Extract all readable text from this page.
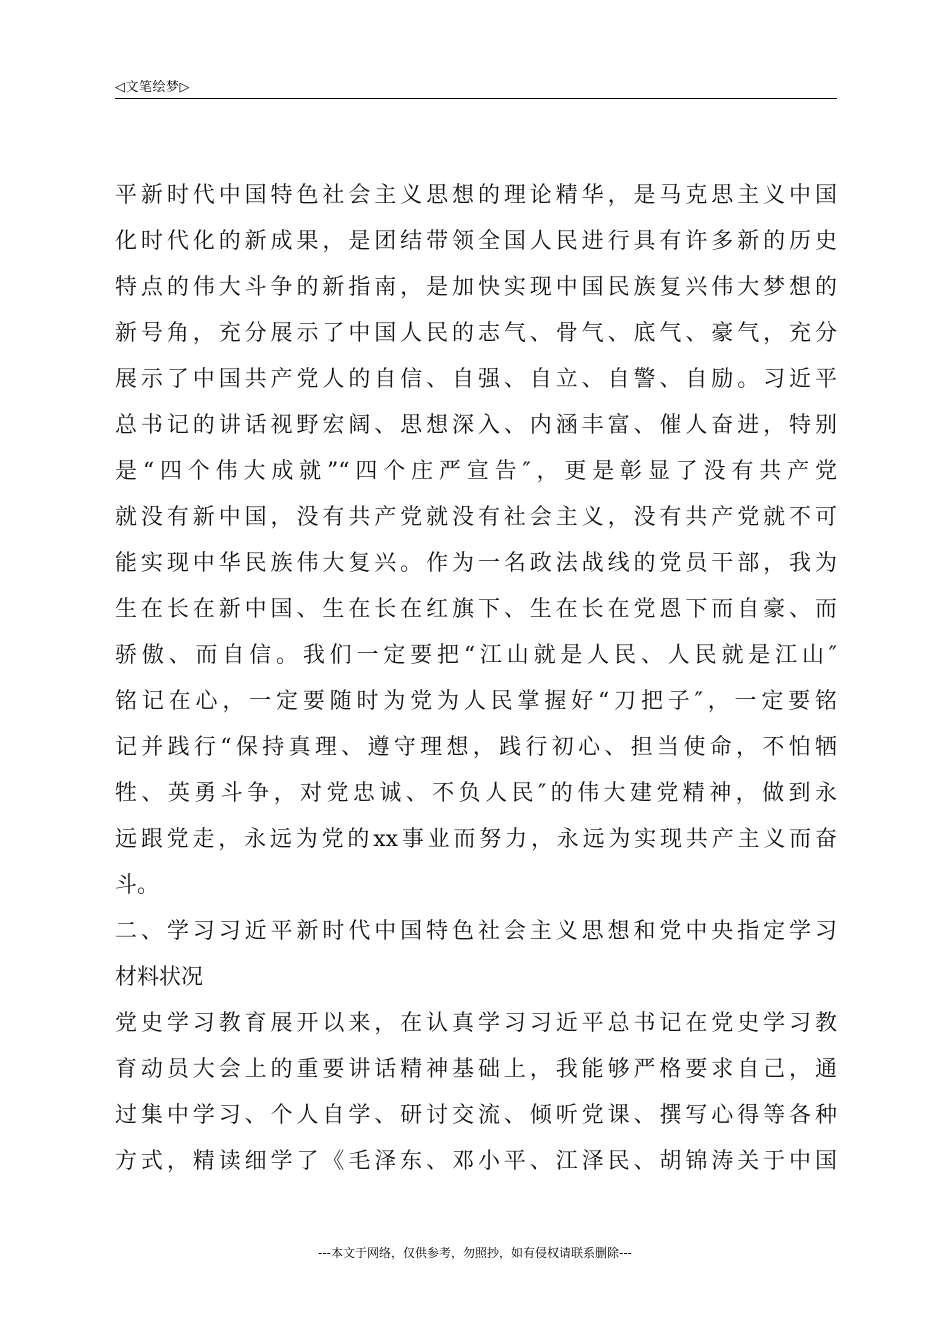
◁文笔绘梦▷
平新时代中国特色社会主义思想的理论精华，是马克思主义中国
化时代化的新成果，是团结带领全国人民进行具有许多新的历史
特点的伟大斗争的新指南，是加快实现中国民族复兴伟大梦想的
新号角，充分展示了中国人民的志气、骨气、底气、豪气，充分
展示了中国共产党人的自信、自强、自立、自警、自励。习近平
总书记的讲话视野宏阔、思想深入、内涵丰富、催人奋进，特别
是“四个伟大成就”“四个庄严宣告″，更是彰显了没有共产党
就没有新中国，没有共产党就没有社会主义，没有共产党就不可
能实现中华民族伟大复兴。作为一名政法战线的党员干部，我为
生在长在新中国、生在长在红旗下、生在长在党恩下而自豪、而
骄傲、而自信。我们一定要把“江山就是人民、人民就是江山″
铭记在心，一定要随时为党为人民掌握好“刀把子″，一定要铭
记并践行“保持真理、遵守理想，践行初心、担当使命，不怕牺
牲、英勇斗争，对党忠诚、不负人民″的伟大建党精神，做到永
远跟党走，永远为党的xx事业而努力，永远为实现共产主义而奋
斗。
二、学习习近平新时代中国特色社会主义思想和党中央指定学习
材料状况
党史学习教育展开以来，在认真学习习近平总书记在党史学习教
育动员大会上的重要讲话精神基础上，我能够严格要求自己，通
过集中学习、个人自学、研讨交流、倾听党课、撰写心得等各种
方式，精读细学了《毛泽东、邓小平、江泽民、胡锦涛关于中国
---本文于网络，仅供参考，勿照抄，如有侵权请联系删除---
